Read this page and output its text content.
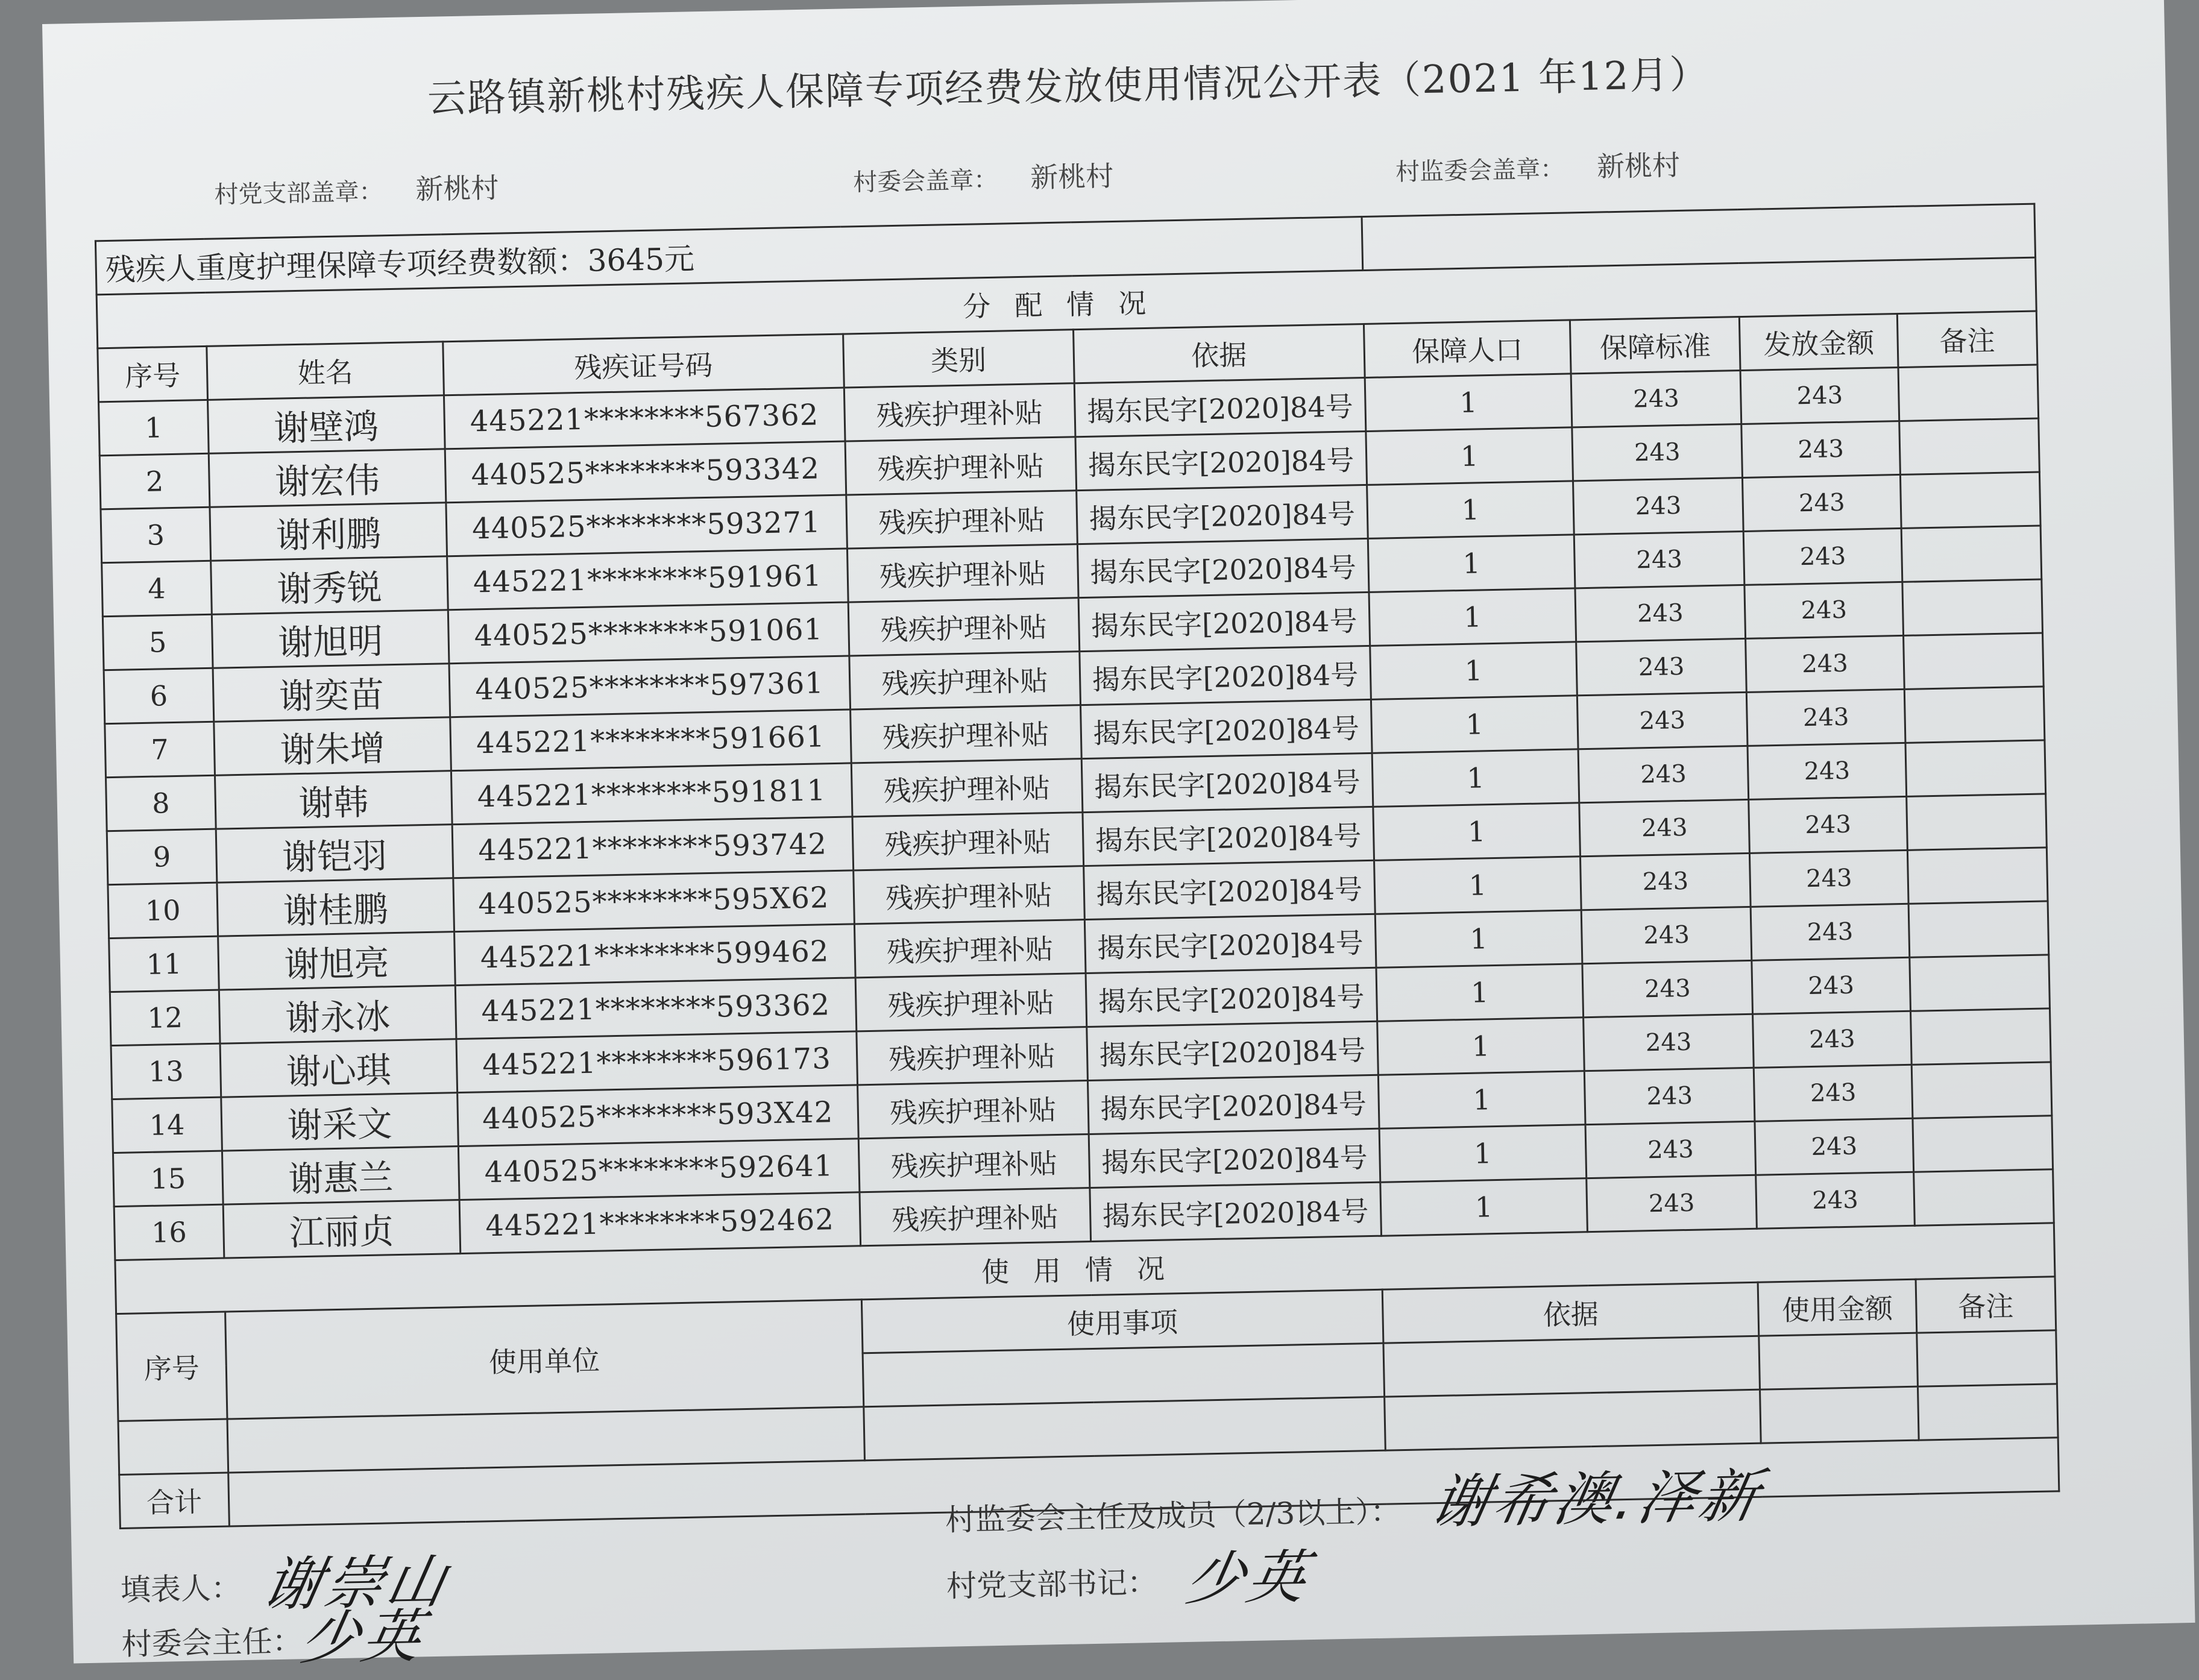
云路镇新桃村残疾人保障专项经费发放使用情况公开表（2021 年12月）
村党支部盖章： 新桃村	村委会盖章： 新桃村	村监委会盖章： 新桃村
残疾人重度护理保障专项经费数额：3645元								
分配情况								
序号	姓名	残疾证号码	类别	依据	保障人口	保障标准	发放金额	备注
1	谢壁鸿	445221********567362	残疾护理补贴	揭东民字[2020]84号	1	243	243	
2	谢宏伟	440525********593342	残疾护理补贴	揭东民字[2020]84号	1	243	243	
3	谢利鹏	440525********593271	残疾护理补贴	揭东民字[2020]84号	1	243	243	
4	谢秀锐	445221********591961	残疾护理补贴	揭东民字[2020]84号	1	243	243	
5	谢旭明	440525********591061	残疾护理补贴	揭东民字[2020]84号	1	243	243	
6	谢奕苗	440525********597361	残疾护理补贴	揭东民字[2020]84号	1	243	243	
7	谢朱增	445221********591661	残疾护理补贴	揭东民字[2020]84号	1	243	243	
8	谢韩	445221********591811	残疾护理补贴	揭东民字[2020]84号	1	243	243	
9	谢铠羽	445221********593742	残疾护理补贴	揭东民字[2020]84号	1	243	243	
10	谢桂鹏	440525********595X62	残疾护理补贴	揭东民字[2020]84号	1	243	243	
11	谢旭亮	445221********599462	残疾护理补贴	揭东民字[2020]84号	1	243	243	
12	谢永冰	445221********593362	残疾护理补贴	揭东民字[2020]84号	1	243	243	
13	谢心琪	445221********596173	残疾护理补贴	揭东民字[2020]84号	1	243	243	
14	谢采文	440525********593X42	残疾护理补贴	揭东民字[2020]84号	1	243	243	
15	谢惠兰	440525********592641	残疾护理补贴	揭东民字[2020]84号	1	243	243	
16	江丽贞	445221********592462	残疾护理补贴	揭东民字[2020]84号	1	243	243	
使用情况								
序号	使用单位		使用事项		依据		使用金额	备注

合计								
填表人： 谢崇山
村委会主任：
少英
村监委会主任及成员（2/3以上）： 谢希澳.泽新
村党支部书记： 少英
